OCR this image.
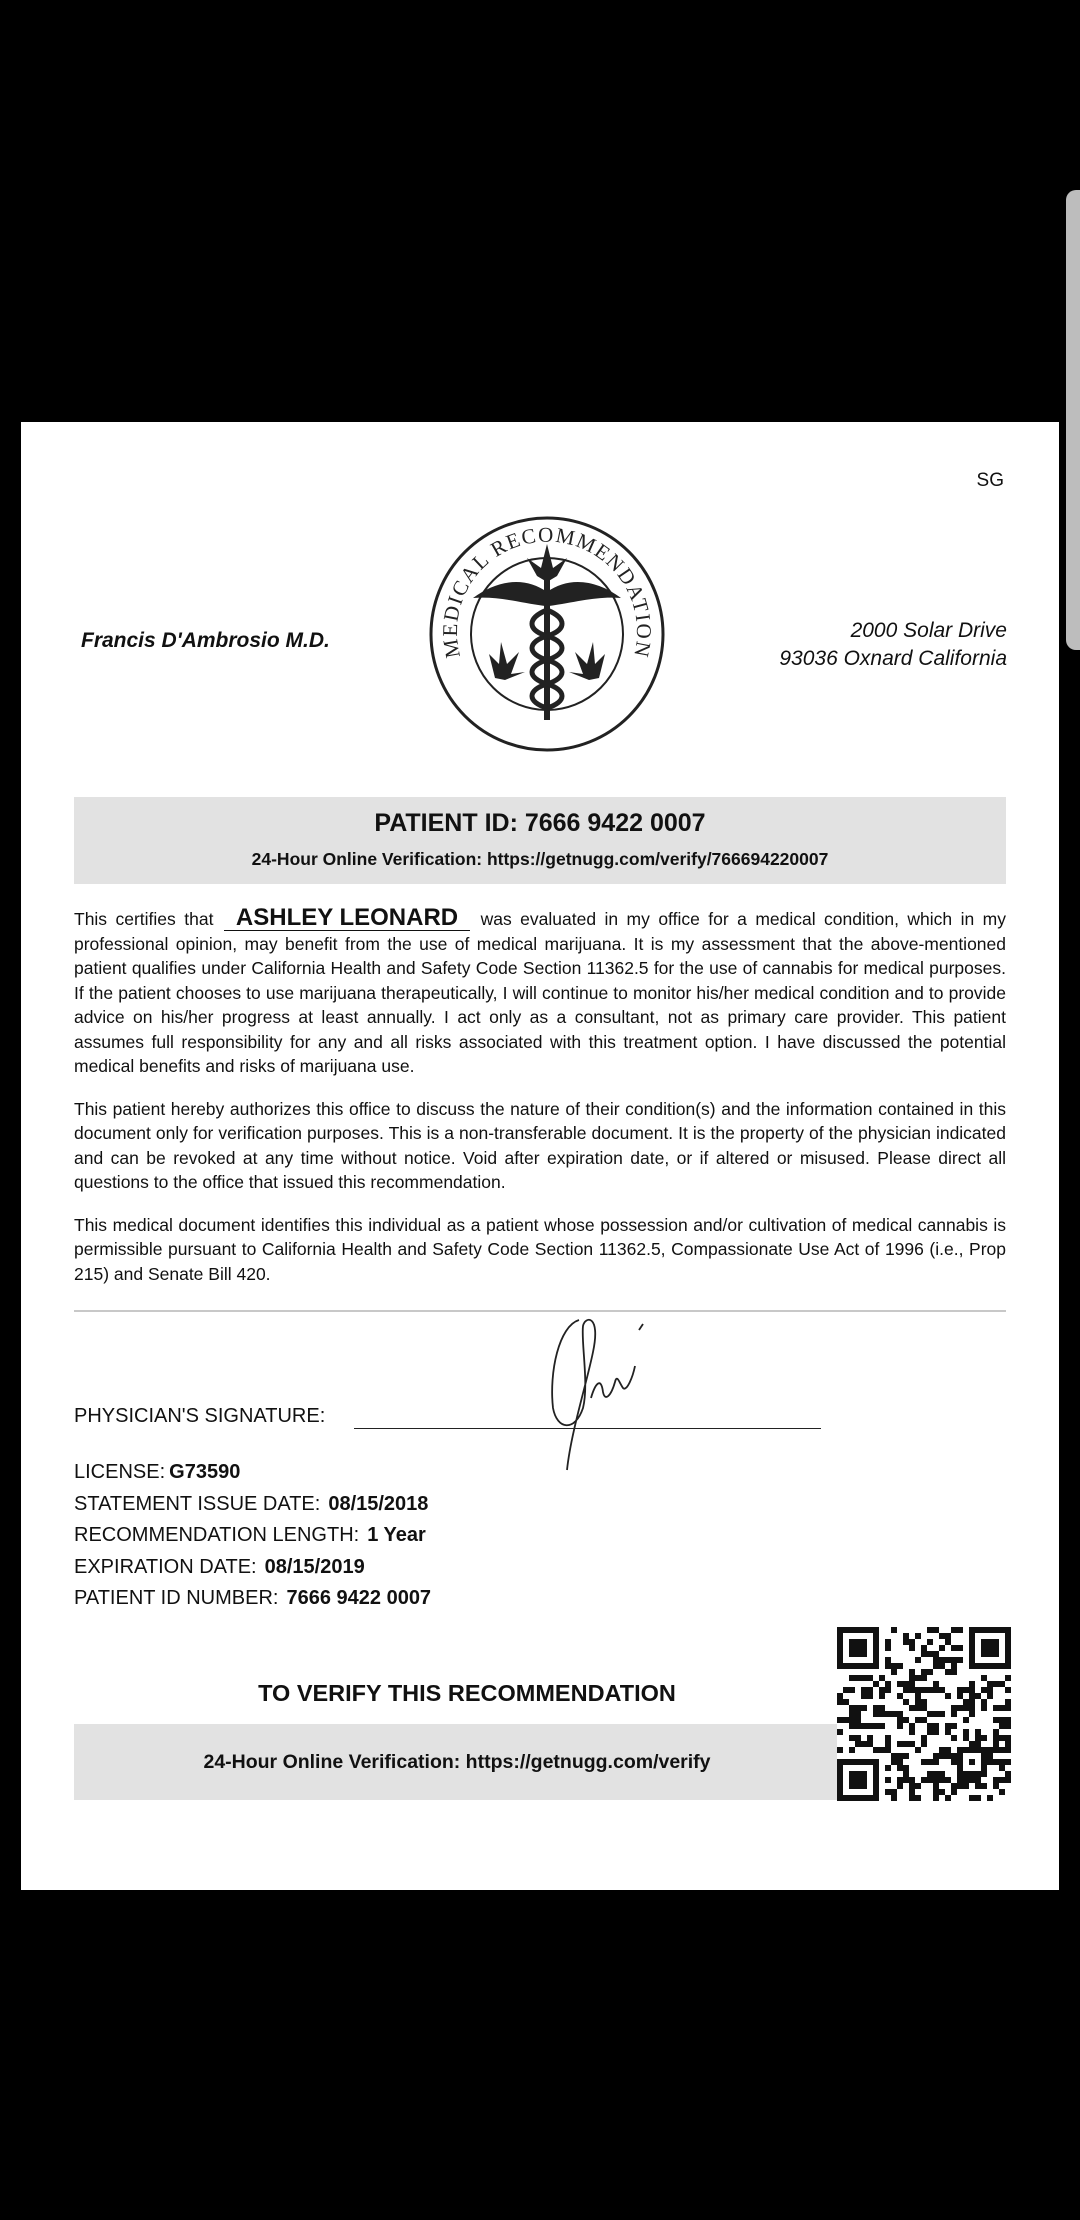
SG
Francis D'Ambrosio M.D.	2000 Solar Drive
93036 Oxnard California
MEDICAL RECOMMENDATION
PATIENT ID: 7666 9422 0007
24-Hour Online Verification: https://getnugg.com/verify/766694220007

This certifies that ASHLEY LEONARD was evaluated in my office for a medical condition, which in my professional opinion, may benefit from the use of medical marijuana. It is my assessment that the above-mentioned patient qualifies under California Health and Safety Code Section 11362.5 for the use of cannabis for medical purposes. If the patient chooses to use marijuana therapeutically, I will continue to monitor his/her medical condition and to provide advice on his/her progress at least annually. I act only as a consultant, not as primary care provider. This patient assumes full responsibility for any and all risks associated with this treatment option. I have discussed the potential medical benefits and risks of marijuana use.

This patient hereby authorizes this office to discuss the nature of their condition(s) and the information contained in this document only for verification purposes. This is a non-transferable document. It is the property of the physician indicated and can be revoked at any time without notice. Void after expiration date, or if altered or misused. Please direct all questions to the office that issued this recommendation.

This medical document identifies this individual as a patient whose possession and/or cultivation of medical cannabis is permissible pursuant to California Health and Safety Code Section 11362.5, Compassionate Use Act of 1996 (i.e., Prop 215) and Senate Bill 420.

PHYSICIAN'S SIGNATURE:
LICENSE: G73590
STATEMENT ISSUE DATE: 08/15/2018
RECOMMENDATION LENGTH: 1 Year
EXPIRATION DATE: 08/15/2019
PATIENT ID NUMBER: 7666 9422 0007
TO VERIFY THIS RECOMMENDATION
24-Hour Online Verification: https://getnugg.com/verify
